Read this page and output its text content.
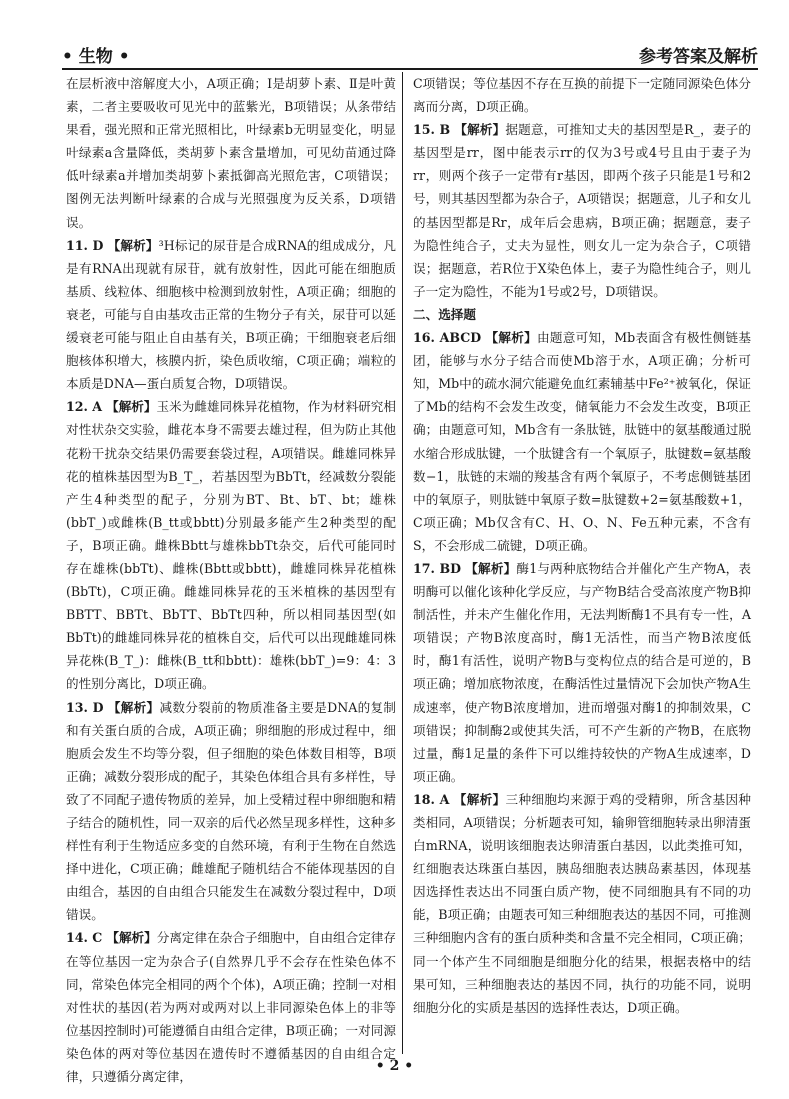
• 生物 •	参考答案及解析

在层析液中溶解度大小，A项正确；Ⅰ是胡萝卜素、Ⅱ是叶黄素，二者主要吸收可见光中的蓝紫光，B项错误；从条带结果看，强光照和正常光照相比，叶绿素b无明显变化，明显叶绿素a含量降低，类胡萝卜素含量增加，可见幼苗通过降低叶绿素a并增加类胡萝卜素抵御高光照危害，C项错误；图例无法判断叶绿素的合成与光照强度为反关系，D项错误。

11. D 【解析】³H标记的尿苷是合成RNA的组成成分，凡是有RNA出现就有尿苷，就有放射性，因此可能在细胞质基质、线粒体、细胞核中检测到放射性，A项正确；细胞的衰老，可能与自由基攻击正常的生物分子有关，尿苷可以延缓衰老可能与阻止自由基有关，B项正确；干细胞衰老后细胞核体积增大，核膜内折，染色质收缩，C项正确；端粒的本质是DNA—蛋白质复合物，D项错误。

12. A 【解析】玉米为雌雄同株异花植物，作为材料研究相对性状杂交实验，雌花本身不需要去雄过程，但为防止其他花粉干扰杂交结果仍需要套袋过程，A项错误。雌雄同株异花的植株基因型为B_T_，若基因型为BbTt，经减数分裂能产生4种类型的配子，分别为BT、Bt、bT、bt；雄株(bbT_)或雌株(B_tt或bbtt)分别最多能产生2种类型的配子，B项正确。雌株Bbtt与雄株bbTt杂交，后代可能同时存在雄株(bbTt)、雌株(Bbtt或bbtt)，雌雄同株异花植株(BbTt)，C项正确。雌雄同株异花的玉米植株的基因型有BBTT、BBTt、BbTT、BbTt四种，所以相同基因型(如BbTt)的雌雄同株异花的植株自交，后代可以出现雌雄同株异花株(B_T_)：雌株(B_tt和bbtt)：雄株(bbT_)=9：4：3的性别分离比，D项正确。

13. D 【解析】减数分裂前的物质准备主要是DNA的复制和有关蛋白质的合成，A项正确；卵细胞的形成过程中，细胞质会发生不均等分裂，但子细胞的染色体数目相等，B项正确；减数分裂形成的配子，其染色体组合具有多样性，导致了不同配子遗传物质的差异，加上受精过程中卵细胞和精子结合的随机性，同一双亲的后代必然呈现多样性，这种多样性有利于生物适应多变的自然环境，有利于生物在自然选择中进化，C项正确；雌雄配子随机结合不能体现基因的自由组合，基因的自由组合只能发生在减数分裂过程中，D项错误。

14. C 【解析】分离定律在杂合子细胞中，自由组合定律存在等位基因一定为杂合子(自然界几乎不会存在性染色体不同，常染色体完全相同的两个个体)，A项正确；控制一对相对性状的基因(若为两对或两对以上非同源染色体上的非等位基因控制时)可能遵循自由组合定律，B项正确；一对同源染色体的两对等位基因在遗传时不遵循基因的自由组合定律，只遵循分离定律，

C项错误；等位基因不存在互换的前提下一定随同源染色体分离而分离，D项正确。

15. B 【解析】据题意，可推知丈夫的基因型是R_，妻子的基因型是rr，图中能表示rr的仅为3号或4号且由于妻子为rr，则两个孩子一定带有r基因，即两个孩子只能是1号和2号，则其基因型都为杂合子，A项错误；据题意，儿子和女儿的基因型都是Rr，成年后会患病，B项正确；据题意，妻子为隐性纯合子，丈夫为显性，则女儿一定为杂合子，C项错误；据题意，若R位于X染色体上，妻子为隐性纯合子，则儿子一定为隐性，不能为1号或2号，D项错误。

二、选择题

16. ABCD 【解析】由题意可知，Mb表面含有极性侧链基团，能够与水分子结合而使Mb溶于水，A项正确；分析可知，Mb中的疏水洞穴能避免血红素辅基中Fe²⁺被氧化，保证了Mb的结构不会发生改变，储氧能力不会发生改变，B项正确；由题意可知，Mb含有一条肽链，肽链中的氨基酸通过脱水缩合形成肽键，一个肽键含有一个氧原子，肽键数=氨基酸数−1，肽链的末端的羧基含有两个氧原子，不考虑侧链基团中的氧原子，则肽链中氧原子数=肽键数+2=氨基酸数+1，C项正确；Mb仅含有C、H、O、N、Fe五种元素，不含有S，不会形成二硫键，D项正确。

17. BD 【解析】酶1与两种底物结合并催化产生产物A，表明酶可以催化该种化学反应，与产物B结合受高浓度产物B抑制活性，并未产生催化作用，无法判断酶1不具有专一性，A项错误；产物B浓度高时，酶1无活性，而当产物B浓度低时，酶1有活性，说明产物B与变构位点的结合是可逆的，B项正确；增加底物浓度，在酶活性过量情况下会加快产物A生成速率，使产物B浓度增加，进而增强对酶1的抑制效果，C项错误；抑制酶2或使其失活，可不产生新的产物B，在底物过量，酶1足量的条件下可以维持较快的产物A生成速率，D项正确。

18. A 【解析】三种细胞均来源于鸡的受精卵，所含基因种类相同，A项错误；分析题表可知，输卵管细胞转录出卵清蛋白mRNA，说明该细胞表达卵清蛋白基因，以此类推可知，红细胞表达珠蛋白基因，胰岛细胞表达胰岛素基因，体现基因选择性表达出不同蛋白质产物，使不同细胞具有不同的功能，B项正确；由题表可知三种细胞表达的基因不同，可推测三种细胞内含有的蛋白质种类和含量不完全相同，C项正确；同一个体产生不同细胞是细胞分化的结果，根据表格中的结果可知，三种细胞表达的基因不同，执行的功能不同，说明细胞分化的实质是基因的选择性表达，D项正确。

• 2 •
